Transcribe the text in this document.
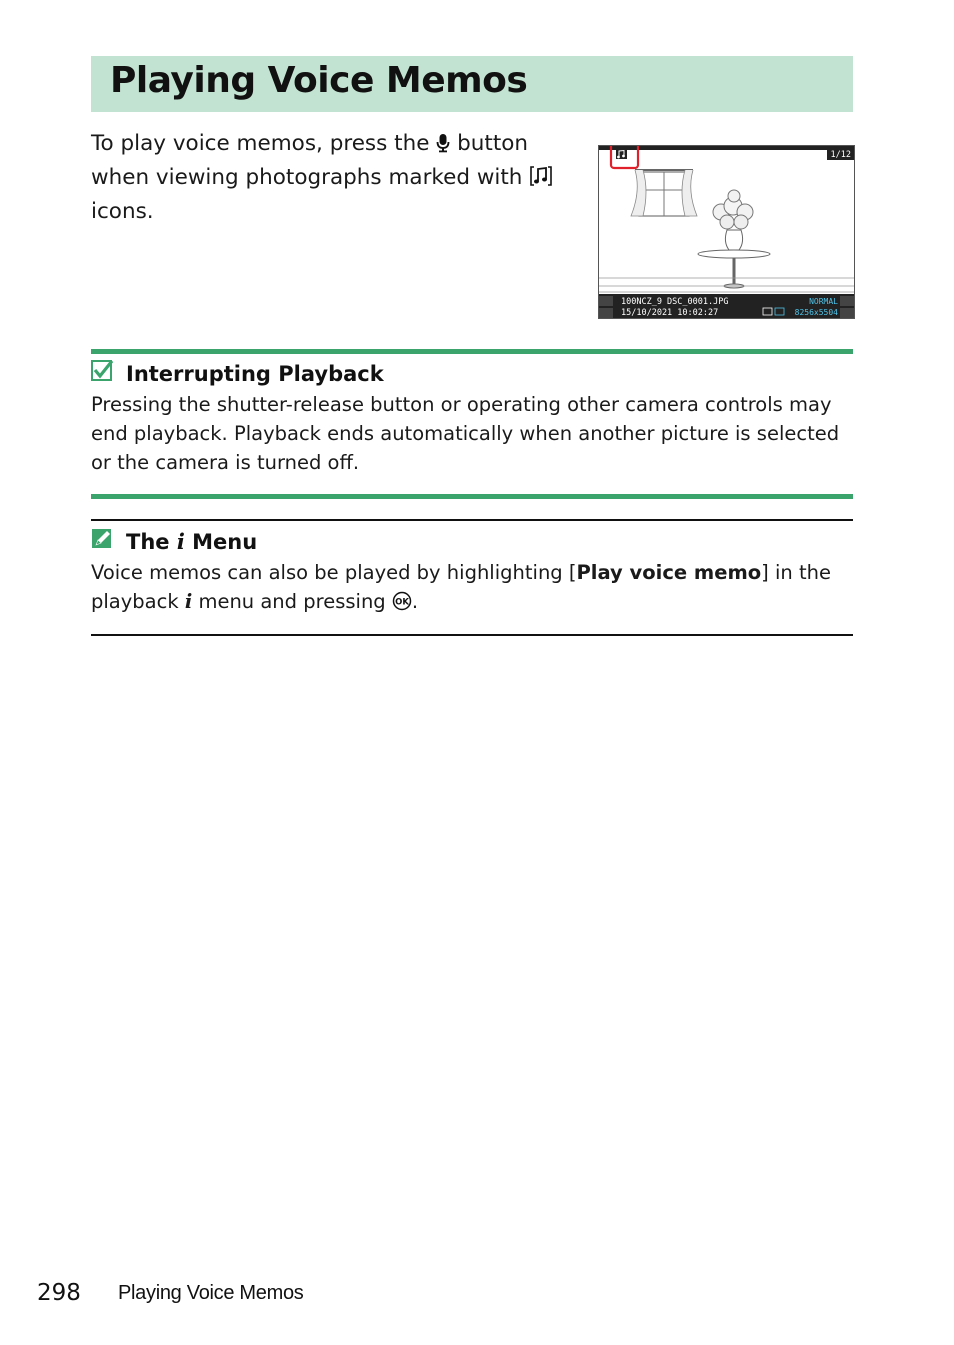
Playing Voice Memos

To play voice memos, press the  button when viewing photographs marked with  icons.

100NCZ_9 DSC_0001.JPG
15/10/2021 10:02:27
NORMAL
8256x5504
1/12
Interrupting Playback

Pressing the shutter-release button or operating other camera controls may end playback. Playback ends automatically when another picture is selected or the camera is turned off.

The i Menu

Voice memos can also be played by highlighting [Play voice memo] in the playback i menu and pressing OK .

298 Playing Voice Memos
